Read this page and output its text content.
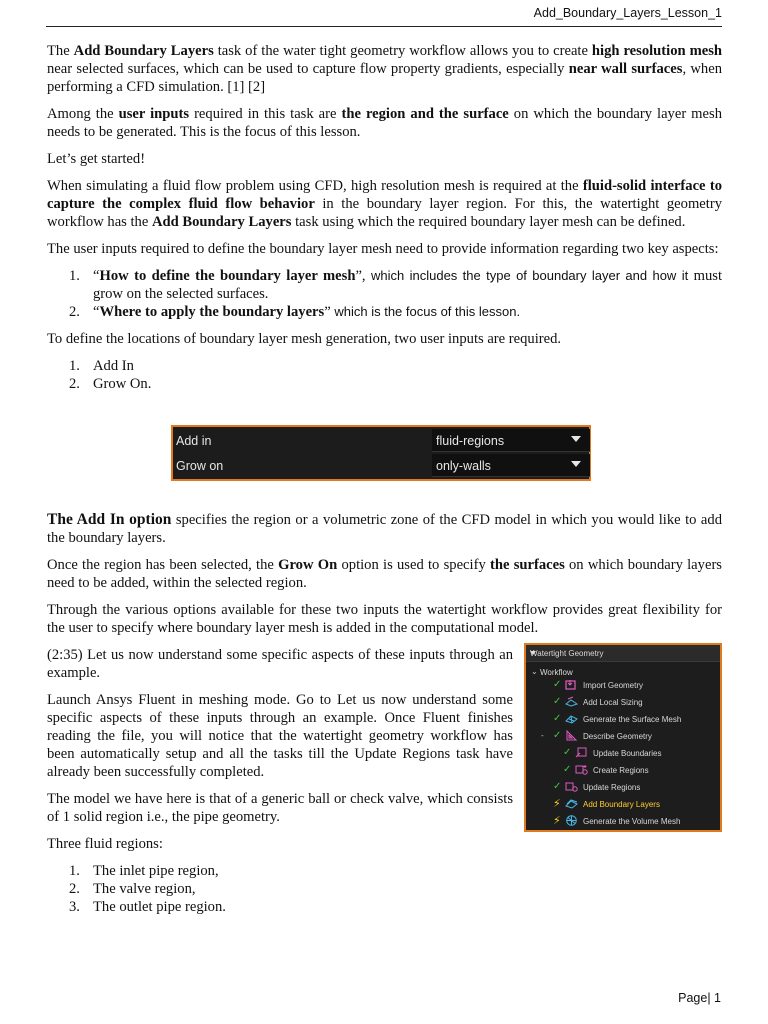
Add_Boundary_Layers_Lesson_1

The Add Boundary Layers task of the water tight geometry workflow allows you to create high resolution mesh near selected surfaces, which can be used to capture flow property gradients, especially near wall surfaces, when performing a CFD simulation. [1] [2]

Among the user inputs required in this task are the region and the surface on which the boundary layer mesh needs to be generated. This is the focus of this lesson.

Let’s get started!

When simulating a fluid flow problem using CFD, high resolution mesh is required at the fluid-solid interface to capture the complex fluid flow behavior in the boundary layer region. For this, the watertight geometry workflow has the Add Boundary Layers task using which the required boundary layer mesh can be defined.

The user inputs required to define the boundary layer mesh need to provide information regarding two key aspects:

1. “How to define the boundary layer mesh”, which includes the type of boundary layer and how it must grow on the selected surfaces.
2. “Where to apply the boundary layers” which is the focus of this lesson.

To define the locations of boundary layer mesh generation, two user inputs are required.

1. Add In
2. Grow On.
Add in	fluid-regions
Grow on	only-walls

The Add In option specifies the region or a volumetric zone of the CFD model in which you would like to add the boundary layers.

Once the region has been selected, the Grow On option is used to specify the surfaces on which boundary layers need to be added, within the selected region.

Through the various options available for these two inputs the watertight workflow provides great flexibility for the user to specify where boundary layer mesh is added in the computational model.

(2:35) Let us now understand some specific aspects of these inputs through an example.

Launch Ansys Fluent in meshing mode. Go to Let us now understand some specific aspects of these inputs through an example. Once Fluent finishes reading the file, you will notice that the watertight geometry workflow has been automatically setup and all the tasks till the Update Regions task have already been successfully completed.

The model we have here is that of a generic ball or check valve, which consists of 1 solid region i.e., the pipe geometry.

Three fluid regions:

1. The inlet pipe region,
2. The valve region,
3. The outlet pipe region.
Watertight Geometry
⌄ Workflow
✓	Import Geometry
✓	Add Local Sizing
✓	Generate the Surface Mesh
- ✓	Describe Geometry
✓	Update Boundaries
✓	Create Regions
✓	Update Regions
⚡	Add Boundary Layers
⚡	Generate the Volume Mesh
Page| 1
